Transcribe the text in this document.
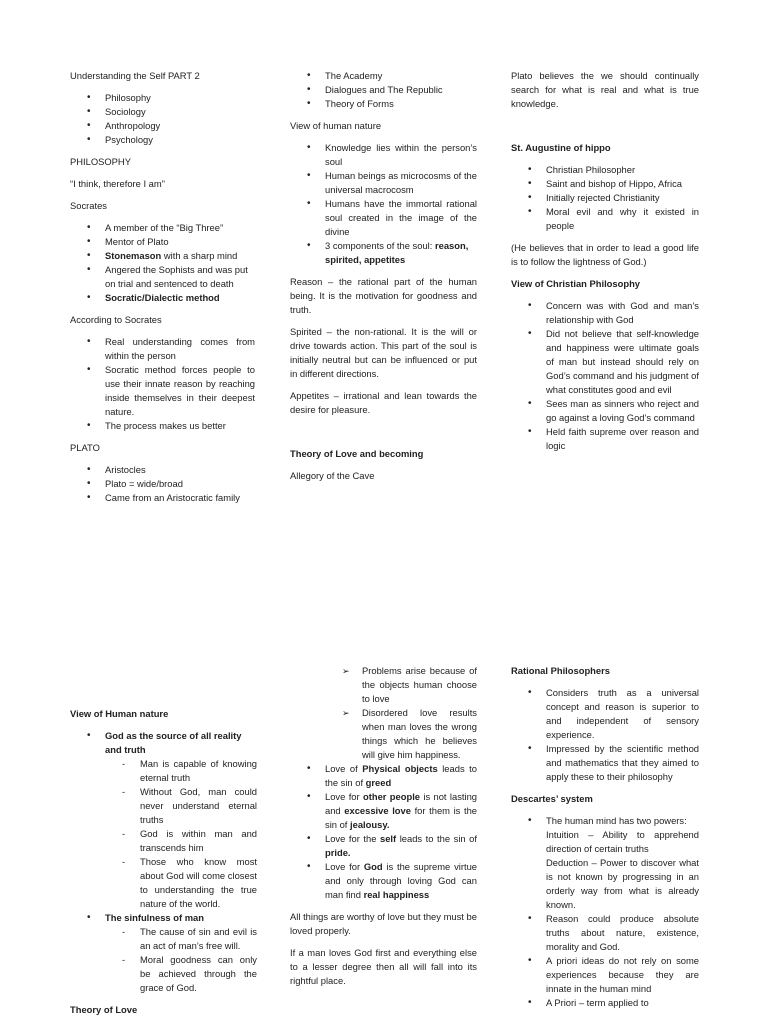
Understanding the Self PART 2

• Philosophy
• Sociology
• Anthropology
• Psychology

PHILOSOPHY

“I think, therefore I am”

Socrates

• A member of the “Big Three”
• Mentor of Plato
• Stonemason with a sharp mind
• Angered the Sophists and was put on trial and sentenced to death
• Socratic/Dialectic method

According to Socrates

• Real understanding comes from within the person
• Socratic method forces people to use their innate reason by reaching inside themselves in their deepest nature.
• The process makes us better

PLATO

• Aristocles
• Plato = wide/broad
• Came from an Aristocratic family
• The Academy
• Dialogues and The Republic
• Theory of Forms

View of human nature

• Knowledge lies within the person’s soul
• Human beings as microcosms of the universal macrocosm
• Humans have the immortal rational soul created in the image of the divine
• 3 components of the soul: reason, spirited, appetites

Reason – the rational part of the human being. It is the motivation for goodness and truth.

Spirited – the non-rational. It is the will or drive towards action. This part of the soul is initially neutral but can be influenced or put in different directions.

Appetites – irrational and lean towards the desire for pleasure.

Theory of Love and becoming

Allegory of the Cave

Plato believes the we should continually search for what is real and what is true knowledge.

St. Augustine of hippo

• Christian Philosopher
• Saint and bishop of Hippo, Africa
• Initially rejected Christianity
• Moral evil and why it existed in people

(He believes that in order to lead a good life is to follow the lightness of God.)

View of Christian Philosophy

• Concern was with God and man’s relationship with God
• Did not believe that self-knowledge and happiness were ultimate goals of man but instead should rely on God’s command and his judgment of what constitutes good and evil
• Sees man as sinners who reject and go against a loving God’s command
• Held faith supreme over reason and logic

View of Human nature

• God as the source of all reality and truth
- Man is capable of knowing eternal truth
- Without God, man could never understand eternal truths
- God is within man and transcends him
- Those who know most about God will come closest to understanding the true nature of the world.
• The sinfulness of man
- The cause of sin and evil is an act of man’s free will.
- Moral goodness can only be achieved through the grace of God.

Theory of Love

➢ Problems arise because of the objects human choose to love
➢ Disordered love results when man loves the wrong things which he believes will give him happiness.
• Love of Physical objects leads to the sin of greed
• Love for other people is not lasting and excessive love for them is the sin of jealousy.
• Love for the self leads to the sin of pride.
• Love for God is the supreme virtue and only through loving God can man find real happiness

All things are worthy of love but they must be loved properly.

If a man loves God first and everything else to a lesser degree then all will fall into its rightful place.

Rational Philosophers

• Considers truth as a universal concept and reason is superior to and independent of sensory experience.
• Impressed by the scientific method and mathematics that they aimed to apply these to their philosophy

Descartes’ system

• The human mind has two powers:
Intuition – Ability to apprehend direction of certain truths
Deduction – Power to discover what is not known by progressing in an orderly way from what is already known.
• Reason could produce absolute truths about nature, existence, morality and God.
• A priori ideas do not rely on some experiences because they are innate in the human mind
• A Priori – term applied to
